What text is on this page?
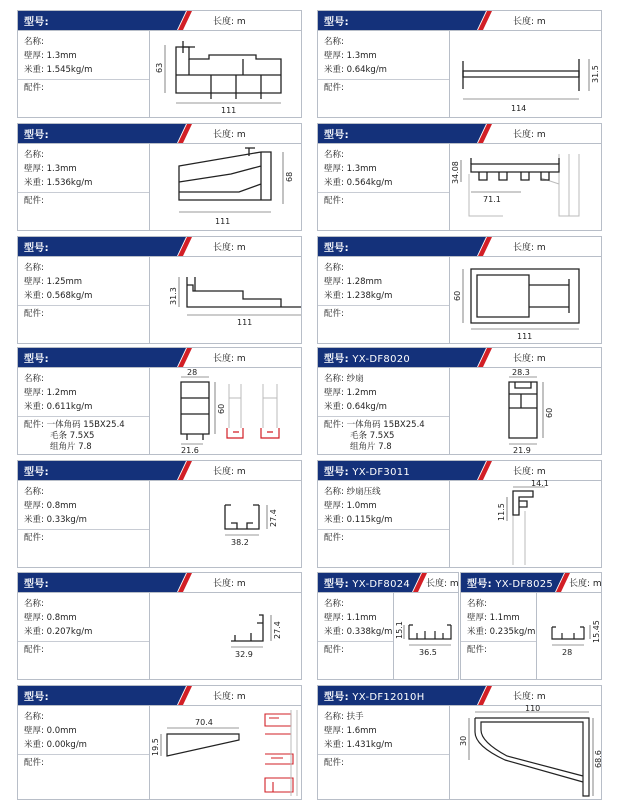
型号:	长度: m
名称:
壁厚: 1.3mm
米重: 1.545kg/m
配件:
63
111
型号:	长度: m
名称:
壁厚: 1.3mm
米重: 0.64kg/m
配件:
31.5
114
型号:	长度: m
名称:
壁厚: 1.3mm
米重: 1.536kg/m
配件:
68
111
型号:	长度: m
名称:
壁厚: 1.3mm
米重: 0.564kg/m
配件:
34.08
71.1
型号:	长度: m
名称:
壁厚: 1.25mm
米重: 0.568kg/m
配件:
31.3
111
型号:	长度: m
名称:
壁厚: 1.28mm
米重: 1.238kg/m
配件:
60
111
型号:	长度: m
名称:
壁厚: 1.2mm
米重: 0.611kg/m
配件: 一体角码 15BX25.4
毛条 7.5X5
组角片 7.8
28
60
21.6
型号: YX-DF8020	长度: m
名称: 纱扇
壁厚: 1.2mm
米重: 0.64kg/m
配件: 一体角码 15BX25.4
毛条 7.5X5
组角片 7.8
28.3
60
21.9
型号:	长度: m
名称:
壁厚: 0.8mm
米重: 0.33kg/m
配件:
27.4
38.2
型号: YX-DF3011	长度: m
名称: 纱扇压线
壁厚: 1.0mm
米重: 0.115kg/m
配件:
14.1
11.5
型号:	长度: m
名称:
壁厚: 0.8mm
米重: 0.207kg/m
配件:
27.4
32.9
型号: YX-DF8024 长度: m
名称:
壁厚: 1.1mm
米重: 0.338kg/m
配件:
15.1
36.5
型号: YX-DF8025 长度: m
名称:
壁厚: 1.1mm
米重: 0.235kg/m
配件:
15.45
28
型号:	长度: m
名称:
壁厚: 0.0mm
米重: 0.00kg/m
配件:
70.4
19.5
型号: YX-DF12010H	长度: m
名称: 扶手
壁厚: 1.6mm
米重: 1.431kg/m
配件:
110
30
68.6
